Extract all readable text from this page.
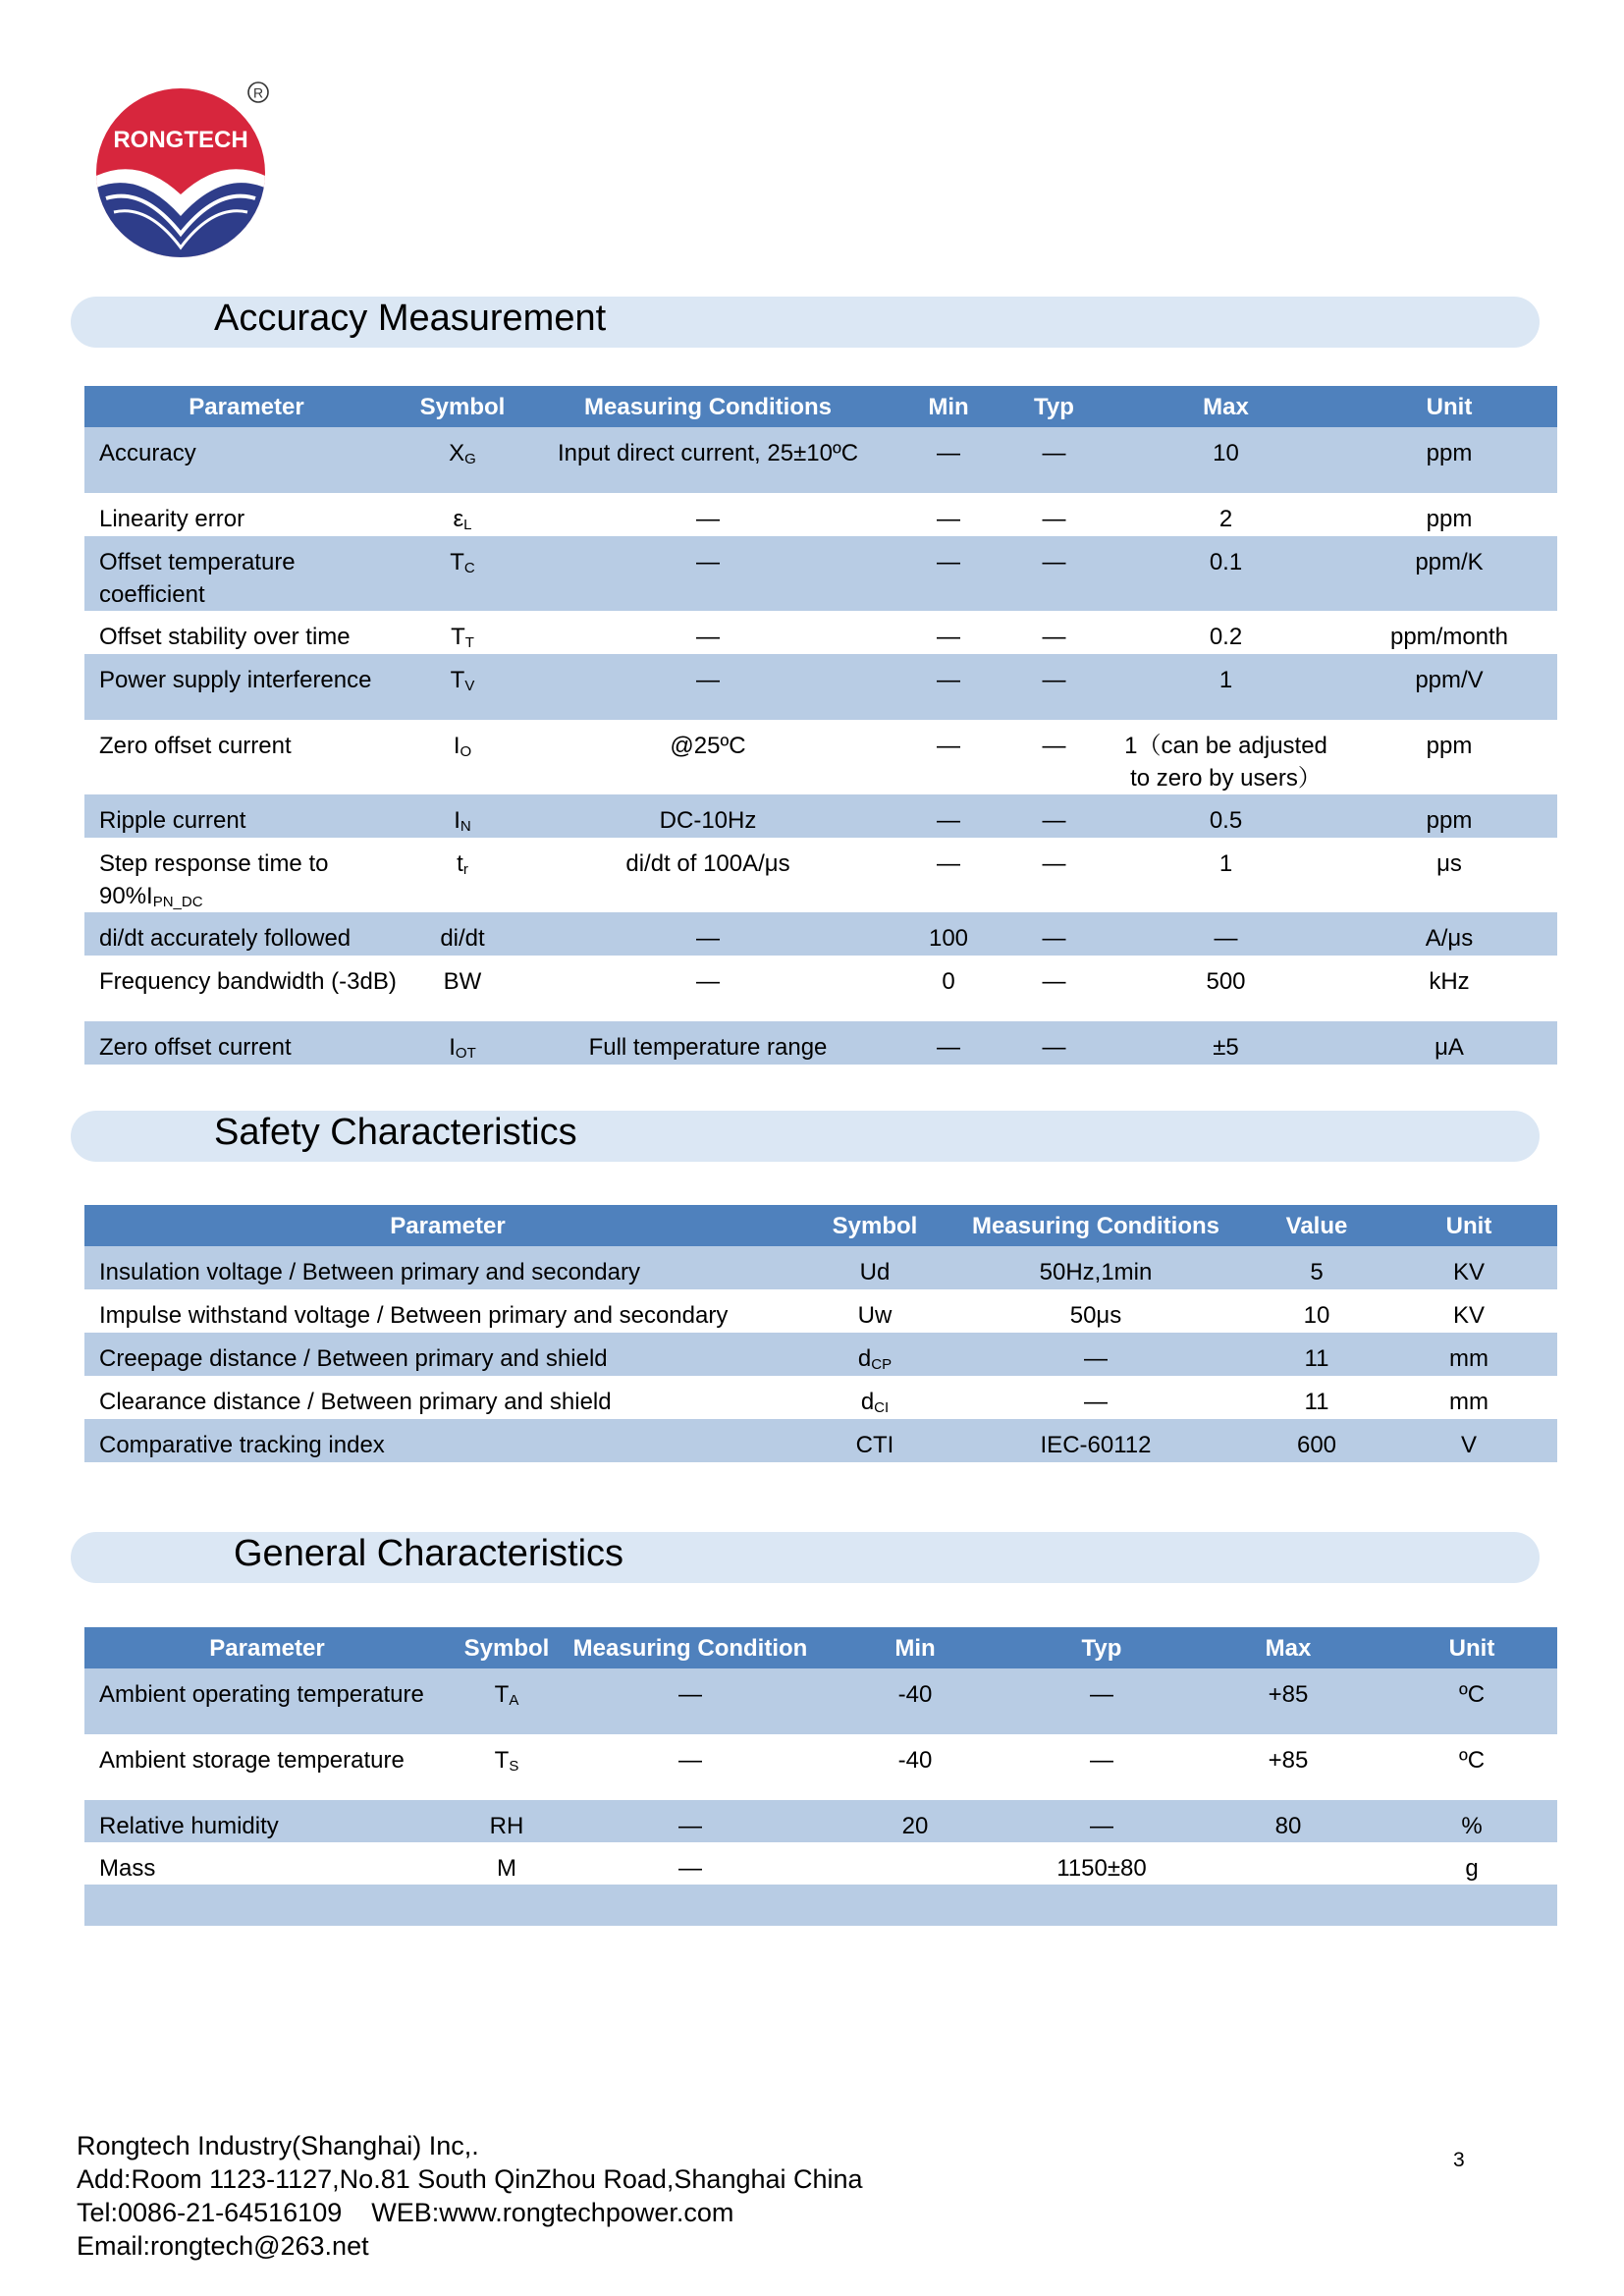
RONGTECH
R
Accuracy Measurement
Parameter	Symbol	Measuring Conditions	Min	Typ	Max	Unit
Accuracy	$X_G$	Input direct current, 25±10ºC	—	—	10	ppm
Linearity error	$\varepsilon_L$	—	—	—	2	ppm
Offset temperature coefficient	$T_C$	—	—	—	0.1	ppm/K
Offset stability over time	$T_T$	—	—	—	0.2	ppm/month
Power supply interference	$T_V$	—	—	—	1	ppm/V
Zero offset current	$I_O$	@25ºC	—	—	1（can be adjusted to zero by users）	ppm
Ripple current	$I_N$	DC-10Hz	—	—	0.5	ppm
Step response time to $90\%I_{PN\_DC}$	$t_r$	di/dt of 100A/μs	—	—	1	μs
di/dt accurately followed	di/dt	—	100	—	—	A/μs
Frequency bandwidth (-3dB)	BW	—	0	—	500	kHz
Zero offset current	$I_{OT}$	Full temperature range	—	—	±5	μA
Safety Characteristics
Parameter	Symbol	Measuring Conditions	Value	Unit
Insulation voltage / Between primary and secondary	Ud	50Hz,1min	5	KV
Impulse withstand voltage / Between primary and secondary	Uw	50μs	10	KV
Creepage distance / Between primary and shield	$d_{CP}$	—	11	mm
Clearance distance / Between primary and shield	$d_{CI}$	—	11	mm
Comparative tracking index	CTI	IEC-60112	600	V
General Characteristics
Parameter	Symbol	Measuring Condition	Min	Typ	Max	Unit
Ambient operating temperature	$T_A$	—	-40	—	+85	ºC
Ambient storage temperature	$T_S$	—	-40	—	+85	ºC
Relative humidity	RH	—	20	—	80	%
Mass	M	—		1150±80		g

Rongtech Industry(Shanghai) Inc,.
Add:Room 1123-1127,No.81 South QinZhou Road,Shanghai China
Tel:0086-21-64516109    WEB:www.rongtechpower.com
Email:rongtech@263.net
3
